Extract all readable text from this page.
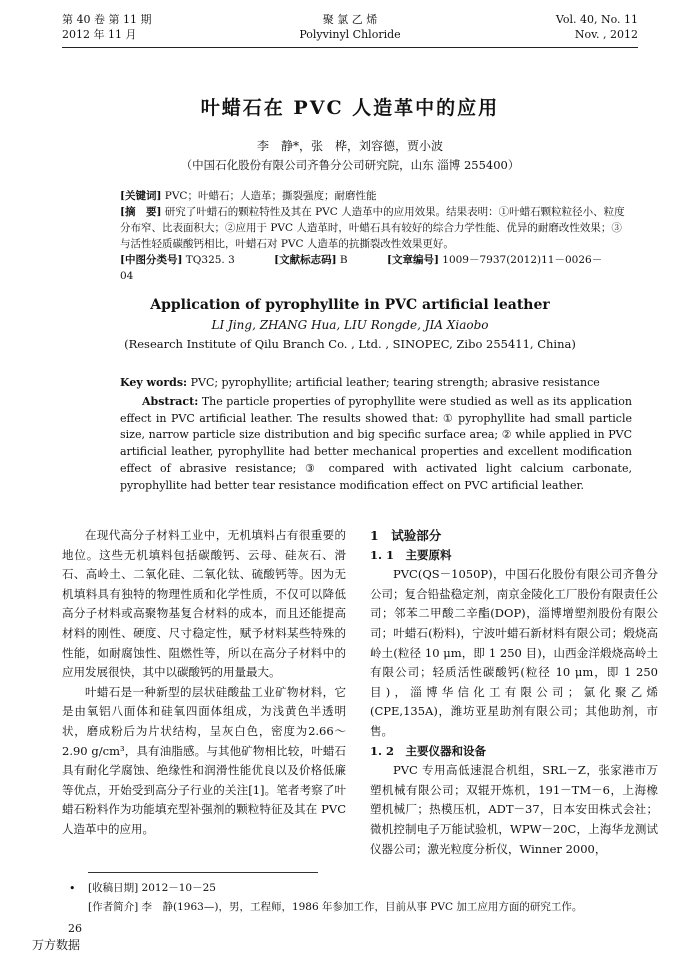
第 40 卷 第 11 期
2012 年 11 月
聚 氯 乙 烯
Polyvinyl Chloride
Vol. 40, No. 11
Nov. , 2012
叶蜡石在 PVC 人造革中的应用
李　静*，张　桦，刘容德，贾小波
（中国石化股份有限公司齐鲁分公司研究院，山东 淄博 255400）

[关键词] PVC；叶蜡石；人造革；撕裂强度；耐磨性能

[摘　要] 研究了叶蜡石的颗粒特性及其在 PVC 人造革中的应用效果。结果表明：①叶蜡石颗粒粒径小、粒度分布窄、比表面积大；②应用于 PVC 人造革时，叶蜡石具有较好的综合力学性能、优异的耐磨改性效果；③与活性轻质碳酸钙相比，叶蜡石对 PVC 人造革的抗撕裂改性效果更好。

[中图分类号] TQ325. 3	[文献标志码] B	[文章编号] 1009－7937(2012)11－0026－04

Application of pyrophyllite in PVC artificial leather
LI Jing, ZHANG Hua, LIU Rongde, JIA Xiaobo
(Research Institute of Qilu Branch Co. , Ltd. , SINOPEC, Zibo 255411, China)

Key words: PVC; pyrophyllite; artificial leather; tearing strength; abrasive resistance

Abstract: The particle properties of pyrophyllite were studied as well as its application effect in PVC artificial leather. The results showed that: ① pyrophyllite had small particle size, narrow particle size distribution and big specific surface area; ② while applied in PVC artificial leather, pyrophyllite had better mechanical properties and excellent modification effect of abrasive resistance; ③ compared with activated light calcium carbonate, pyrophyllite had better tear resistance modification effect on PVC artificial leather.

在现代高分子材料工业中，无机填料占有很重要的地位。这些无机填料包括碳酸钙、云母、硅灰石、滑石、高岭土、二氧化硅、二氧化钛、硫酸钙等。因为无机填料具有独特的物理性质和化学性质，不仅可以降低高分子材料或高聚物基复合材料的成本，而且还能提高材料的刚性、硬度、尺寸稳定性，赋予材料某些特殊的性能，如耐腐蚀性、阻燃性等，所以在高分子材料中的应用发展很快，其中以碳酸钙的用量最大。

叶蜡石是一种新型的层状硅酸盐工业矿物材料，它是由氧铝八面体和硅氧四面体组成，为浅黄色半透明状，磨成粉后为片状结构，呈灰白色，密度为2.66～2.90 g/cm³，具有油脂感。与其他矿物相比较，叶蜡石具有耐化学腐蚀、绝缘性和润滑性能优良以及价格低廉等优点，开始受到高分子行业的关注[1]。笔者考察了叶蜡石粉料作为功能填充型补强剂的颗粒特征及其在 PVC 人造革中的应用。

1　试验部分

1. 1　主要原料

PVC(QS－1050P)，中国石化股份有限公司齐鲁分公司；复合铅盐稳定剂，南京金陵化工厂股份有限责任公司；邻苯二甲酸二辛酯(DOP)，淄博增塑剂股份有限公司；叶蜡石(粉料)，宁波叶蜡石新材料有限公司；煅烧高岭土(粒径 10 μm，即 1 250 目)，山西金洋煅烧高岭土有限公司；轻质活性碳酸钙(粒径 10 μm，即 1 250 目)，淄博华信化工有限公司；氯化聚乙烯(CPE,135A)，潍坊亚星助剂有限公司；其他助剂，市售。

1. 2　主要仪器和设备

PVC 专用高低速混合机组，SRL－Z，张家港市万塑机械有限公司；双辊开炼机，191－TM－6，上海橡塑机械厂；热模压机，ADT－37，日本安田株式会社；微机控制电子万能试验机，WPW－20C，上海华龙测试仪器公司；激光粒度分析仪，Winner 2000，

• [收稿日期] 2012－10－25
[作者简介] 李　静(1963—)，男，工程师，1986 年参加工作，目前从事 PVC 加工应用方面的研究工作。
26
万方数据
